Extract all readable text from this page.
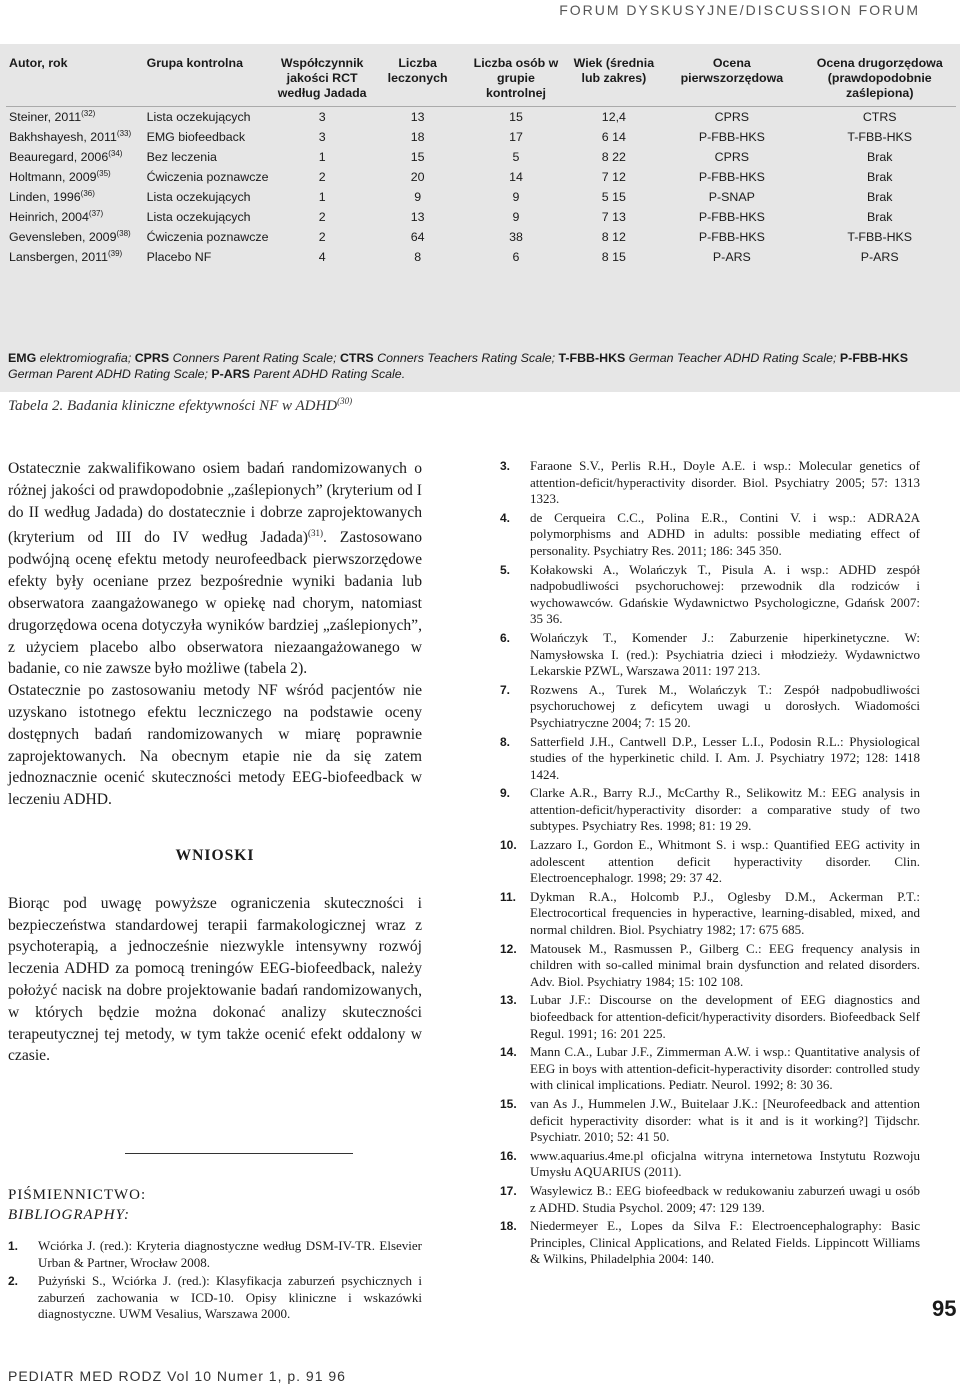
FORUM DYSKUSYJNE/DISCUSSION FORUM
Autor, rok	Grupa kontrolna	Współczynnik jakości RCT według Jadada	Liczba leczonych	Liczba osób w grupie kontrolnej	Wiek (średnia lub zakres)	Ocena pierwszorzędowa	Ocena drugorzędowa (prawdopodobnie zaślepiona)
Steiner, 2011$^{(32)}$	Lista oczekujących	3	13	15	12,4	CPRS	CTRS
Bakhshayesh, 2011$^{(33)}$	EMG biofeedback	3	18	17	6 14	P-FBB-HKS	T-FBB-HKS
Beauregard, 2006$^{(34)}$	Bez leczenia	1	15	5	8 22	CPRS	Brak
Holtmann, 2009$^{(35)}$	Ćwiczenia poznawcze	2	20	14	7 12	P-FBB-HKS	Brak
Linden, 1996$^{(36)}$	Lista oczekujących	1	9	9	5 15	P-SNAP	Brak
Heinrich, 2004$^{(37)}$	Lista oczekujących	2	13	9	7 13	P-FBB-HKS	Brak
Gevensleben, 2009$^{(38)}$	Ćwiczenia poznawcze	2	64	38	8 12	P-FBB-HKS	T-FBB-HKS
Lansbergen, 2011$^{(39)}$	Placebo NF	4	8	6	8 15	P-ARS	P-ARS
EMG elektromiografia; CPRS Conners Parent Rating Scale; CTRS Conners Teachers Rating Scale; T-FBB-HKS German Teacher ADHD Rating Scale; P-FBB-HKS German Parent ADHD Rating Scale; P-ARS Parent ADHD Rating Scale.
Tabela 2. Badania kliniczne efektywności NF w ADHD$^{(30)}$

Ostatecznie zakwalifikowano osiem badań randomizowanych o różnej jakości od prawdopodobnie „zaślepionych” (kryterium od I do II według Jadada) do dostatecznie i dobrze zaprojektowanych (kryterium od III do IV według Jadada)$^{(31)}$. Zastosowano podwójną ocenę efektu metody neurofeedback pierwszorzędowe efekty były oceniane przez bezpośrednie wyniki badania lub obserwatora zaangażowanego w opiekę nad chorym, natomiast drugorzędowa ocena dotyczyła wyników bardziej „zaślepionych”, z użyciem placebo albo obserwatora niezaangażowanego w badanie, co nie zawsze było możliwe (tabela 2).

Ostatecznie po zastosowaniu metody NF wśród pacjentów nie uzyskano istotnego efektu leczniczego na podstawie oceny dostępnych badań randomizowanych w miarę poprawnie zaprojektowanych. Na obecnym etapie nie da się zatem jednoznacznie ocenić skuteczności metody EEG-biofeedback w leczeniu ADHD.

WNIOSKI

Biorąc pod uwagę powyższe ograniczenia skuteczności i bezpieczeństwa standardowej terapii farmakologicznej wraz z psychoterapią, a jednocześnie niezwykle intensywny rozwój leczenia ADHD za pomocą treningów EEG-biofeedback, należy położyć nacisk na dobre projektowanie badań randomizowanych, w których będzie można dokonać analizy skuteczności terapeutycznej tej metody, w tym także ocenić efekt oddalony w czasie.

PIŚMIENNICTWO:
BIBLIOGRAPHY:
1.	Wciórka J. (red.): Kryteria diagnostyczne według DSM-IV-TR. Elsevier Urban & Partner, Wrocław 2008.
2.	Pużyński S., Wciórka J. (red.): Klasyfikacja zaburzeń psychicznych i zaburzeń zachowania w ICD-10. Opisy kliniczne i wskazówki diagnostyczne. UWM Vesalius, Warszawa 2000.
3.	Faraone S.V., Perlis R.H., Doyle A.E. i wsp.: Molecular genetics of attention-deficit/hyperactivity disorder. Biol. Psychiatry 2005; 57: 1313 1323.
4.	de Cerqueira C.C., Polina E.R., Contini V. i wsp.: ADRA2A polymorphisms and ADHD in adults: possible mediating effect of personality. Psychiatry Res. 2011; 186: 345 350.
5.	Kołakowski A., Wolańczyk T., Pisula A. i wsp.: ADHD zespół nadpobudliwości psychoruchowej: przewodnik dla rodziców i wychowawców. Gdańskie Wydawnictwo Psychologiczne, Gdańsk 2007: 35 36.
6.	Wolańczyk T., Komender J.: Zaburzenie hiperkinetyczne. W: Namysłowska I. (red.): Psychiatria dzieci i młodzieży. Wydawnictwo Lekarskie PZWL, Warszawa 2011: 197 213.
7.	Rozwens A., Turek M., Wolańczyk T.: Zespół nadpobudliwości psychoruchowej z deficytem uwagi u dorosłych. Wiadomości Psychiatryczne 2004; 7: 15 20.
8.	Satterfield J.H., Cantwell D.P., Lesser L.I., Podosin R.L.: Physiological studies of the hyperkinetic child. I. Am. J. Psychiatry 1972; 128: 1418 1424.
9.	Clarke A.R., Barry R.J., McCarthy R., Selikowitz M.: EEG analysis in attention-deficit/hyperactivity disorder: a comparative study of two subtypes. Psychiatry Res. 1998; 81: 19 29.
10.	Lazzaro I., Gordon E., Whitmont S. i wsp.: Quantified EEG activity in adolescent attention deficit hyperactivity disorder. Clin. Electroencephalogr. 1998; 29: 37 42.
11.	Dykman R.A., Holcomb P.J., Oglesby D.M., Ackerman P.T.: Electrocortical frequencies in hyperactive, learning-disabled, mixed, and normal children. Biol. Psychiatry 1982; 17: 675 685.
12.	Matousek M., Rasmussen P., Gilberg C.: EEG frequency analysis in children with so-called minimal brain dysfunction and related disorders. Adv. Biol. Psychiatry 1984; 15: 102 108.
13.	Lubar J.F.: Discourse on the development of EEG diagnostics and biofeedback for attention-deficit/hyperactivity disorders. Biofeedback Self Regul. 1991; 16: 201 225.
14.	Mann C.A., Lubar J.F., Zimmerman A.W. i wsp.: Quantitative analysis of EEG in boys with attention-deficit-hyperactivity disorder: controlled study with clinical implications. Pediatr. Neurol. 1992; 8: 30 36.
15.	van As J., Hummelen J.W., Buitelaar J.K.: [Neurofeedback and attention deficit hyperactivity disorder: what is it and is it working?] Tijdschr. Psychiatr. 2010; 52: 41 50.
16.	www.aquarius.4me.pl oficjalna witryna internetowa Instytutu Rozwoju Umysłu AQUARIUS (2011).
17.	Wasylewicz B.: EEG biofeedback w redukowaniu zaburzeń uwagi u osób z ADHD. Studia Psychol. 2009; 47: 129 139.
18.	Niedermeyer E., Lopes da Silva F.: Electroencephalography: Basic Principles, Clinical Applications, and Related Fields. Lippincott Williams & Wilkins, Philadelphia 2004: 140.
95
PEDIATR MED RODZ Vol 10 Numer 1, p. 91 96
